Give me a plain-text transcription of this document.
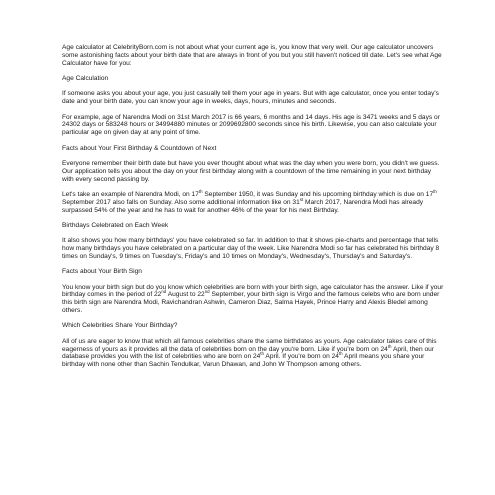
Age calculator at CelebrityBorn.com is not about what your current age is, you know that very well. Our age calculator uncovers some astonishing facts about your birth date that are always in front of you but you still haven't noticed till date. Let's see what Age Calculator have for you:

Age Calculation

If someone asks you about your age, you just casually tell them your age in years. But with age calculator, once you enter today's date and your birth date, you can know your age in weeks, days, hours, minutes and seconds.

For example, age of Narendra Modi on 31st March 2017 is 66 years, 6 months and 14 days. His age is 3471 weeks and 5 days or 24302 days or 583248 hours or 34994880 minutes or 2099692800 seconds since his birth. Likewise, you can also calculate your particular age on given day at any point of time.

Facts about Your First Birthday & Countdown of Next

Everyone remember their birth date but have you ever thought about what was the day when you were born, you didn't we guess. Our application tells you about the day on your first birthday along with a countdown of the time remaining in your next birthday with every second passing by.

Let's take an example of Narendra Modi, on 17th September 1950, it was Sunday and his upcoming birthday which is due on 17th September 2017 also falls on Sunday. Also some additional information like on 31st March 2017, Narendra Modi has already surpassed 54% of the year and he has to wait for another 46% of the year for his next Birthday.

Birthdays Celebrated on Each Week

It also shows you how many birthdays' you have celebrated so far. In addition to that it shows pie-charts and percentage that tells how many birthdays you have celebrated on a particular day of the week. Like Narendra Modi so far has celebrated his birthday 8 times on Sunday's, 9 times on Tuesday's, Friday's and 10 times on Monday's, Wednesday's, Thursday's and Saturday's.

Facts about Your Birth Sign

You know your birth sign but do you know which celebrities are born with your birth sign, age calculator has the answer. Like if your birthday comes in the period of 22nd August to 22nd September, your birth sign is Virgo and the famous celebs who are born under this birth sign are Narendra Modi, Ravichandran Ashwin, Cameron Diaz, Salma Hayek, Prince Harry and Alexis Bledel among others.

Which Celebrities Share Your Birthday?

All of us are eager to know that which all famous celebrities share the same birthdates as yours. Age calculator takes care of this eagerness of yours as it provides all the data of celebrities born on the day you're born. Like if you're born on 24th April, then our database provides you with the list of celebrities who are born on 24th April. If you're born on 24th April means you share your birthday with none other than Sachin Tendulkar, Varun Dhawan, and John W Thompson among others.
